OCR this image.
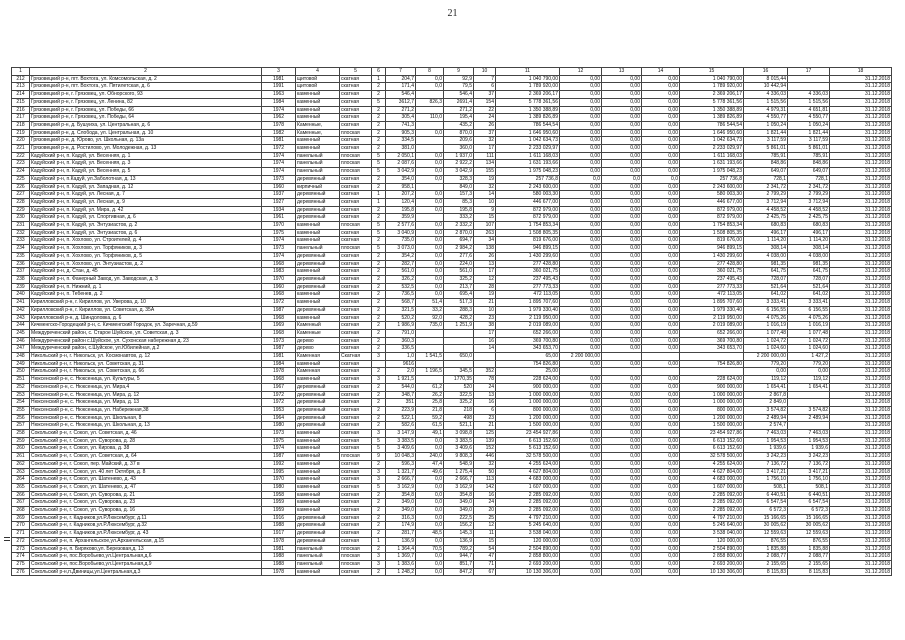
21
1	2	3	4	5	6	7	8	9	10	11	12	13	14	15	16	17	18
212	Грязовецкий р-н, пгт. Вохтога, ул. Комсомольская, д. 2	1981	щитовой	скатная	1	204,7	0,0	92,9	7	1 040 790,00	0,00	0,00	0,00	1 040 790,00	8 015,44		31.12.2018
213	Грязовецкий р-н, пгт. Вохтога, ул. Пятилетская, д. 6	1991	щитовой	скатная	2	171,4	0,0	79,5	6	1 789 920,00	0,00	0,00	0,00	1 789 920,00	10 442,94		31.12.2018
214	Грязовецкий р-н, г. Грязовец, ул. Обнорского, 93	1963	каменный	скатная	2	546,4		546,4	37	2 369 206,17	0,00	0,00	0,00	2 369 206,17	4 336,03	4 336,03	31.12.2018
215	Грязовецкий р-н, г. Грязовец, ул. Ленина, 82	1984	каменный	скатная	5	3612,7	826,3	2691,4	154	5 778 361,56	0,00	0,00	0,00	5 778 361,56	1 515,56	1 515,56	31.12.2018
216	Грязовецкий р-н, г. Грязовец, ул. Победы, 66	1974	каменный	скатная	2	271,2		271,2	22	1 350 388,89	0,00	0,00	0,00	1 350 388,89	4 979,31	4 651,81	31.12.2018
217	Грязовецкий р-н, г. Грязовец, ул. Победы, 64	1962	каменный	скатная	2	305,4	110,0	195,4	24	1 389 826,89	0,00	0,00	0,00	1 389 826,89	4 550,77	4 550,77	31.12.2018
218	Грязовецкий р-н, д. Бушуиха, ул. Центральная, д. 6	1978	Каменные,	скатная	2	741,3		435,2	26	786 544,54	0,00	0,00	0,00	786 544,54	1 050,24	1 050,24	31.12.2018
219	Грязовецкий р-н, д. Слобода, ул. Центральная, д. 10	1982	Каменные,	плоская	2	905,3	0,0	870,0	37	1 646 950,60	0,00	0,00	0,00	1 646 950,60	1 821,44	1 821,44	31.12.2018
220	Грязовецкий р-н, д. Юрово, ул. Школьная, д. 13а	1981	каменный	скатная	2	334,5		209,6	32	1 042 634,73	0,00	0,00	0,00	1 042 634,73	3 117,59	3 117,59	31.12.2018
221	Грязовецкий р-н, д. Ростилово, ул. Молодежная, д. 13	1972	каменный	скатная	2	381,0		360,0	17	2 233 029,97	0,00	0,00	0,00	2 233 029,97	5 861,01	5 861,01	31.12.2018
222	Кадуйский р-н, п. Кадуй, ул. Весенняя, д. 1	1974	панельный	плоская	5	2 050,1	0,0	1 937,0	111	1 611 168,03	0,00	0,00	0,00	1 611 168,03	785,91	785,91	31.12.2018
223	Кадуйский р-н, п. Кадуй, ул. Весенняя, д. 3	1974	панельный	плоская	5	2 087,6	0,0	2 922,2	134	1 631 193,66	0,00	0,00	0,00	1 631 193,66	848,86	848,86	31.12.2018
224	Кадуйский р-н, п. Кадуй, ул. Весенняя, д. 5	1974	панельный	плоская	5	3 042,9	0,0	3 042,9	155	1 975 048,23	0,00	0,00	0,00	1 975 048,23	649,07	649,07	31.12.2018
225	Кадуйский р-н, п.Кадуй, ул.Заболотная, д. 13	1973	деревянный	скатная	2	354,0	0,0	328,3	19	257 736,8	0,0	0,0	0,0	257 736,8	728,1	728,1	31.12.2018
226	Кадуйский р-н, п. Кадуй, ул. Западная, д. 12	1960	кирпичный	скатная	2	958,1		849,0	32	2 243 600,00	0,00	0,00	0,00	2 243 600,00	2 341,72	2 341,72	31.12.2018
227	Кадуйский р-н, п. Кадуй, ул. Лесная, д. 7	1937	деревянный	скатная	1	207,2	0,0	157,3	14	580 003,30	0,00	0,00	0,00	580 003,30	2 799,29	2 799,29	31.12.2018
228	Кадуйский р-н, п. Кадуй, ул. Лесная, д. 9	1927	деревянный	скатная	1	120,4	0,0	85,3	10	446 677,00	0,00	0,00	0,00	446 677,00	3 712,94	3 712,94	31.12.2018
229	Кадуйский р-н, п. Кадуй, ул. Мира, д. 42	1934	деревянный	скатная	2	195,8	0,0	195,8	9	872 979,00	0,00	0,00	0,00	872 979,00	4 458,52	4 458,52	31.12.2018
230	Кадуйский р-н, п. Кадуй, ул. Спортивная, д. 6	1961	деревянный	скатная	2	359,9		333,2	15	872 979,00	0,00	0,00	0,00	872 979,00	2 425,75	2 425,75	31.12.2018
231	Кадуйский р-н, п. Кадуй, ул. Энтузиастов, д. 2	1970	каменный	плоская	5	2 577,6	0,0	2 332,2	107	1 754 853,34	0,00	0,00	0,00	1 754 853,34	680,83	680,83	31.12.2018
232	Кадуйский р-н, п. Кадуй, ул. Энтузиастов, д. 6	1975	каменный	скатная	5	3 040,9	0,0	2 870,0	263	1 508 805,35	0,00	0,00	0,00	1 508 805,35	496,17	496,17	31.12.2018
233	Кадуйский р-н, п. Хохлово, ул. Строителей, д. 4	1974	каменный	скатная	2	735,0	0,0	694,7	34	819 676,00	0,00	0,00	0,00	819 676,00	1 114,20	1 114,20	31.12.2018
234	Кадуйский р-н, п. Хохлово, ул. Торфяников, д. 3	1973	панельный	плоская	5	3 073,0	0,0	2 984,2	138	946 899,15	0,00	0,00	0,00	946 899,15	308,14	308,14	31.12.2018
235	Кадуйский р-н, п. Хохлово, ул. Торфяников, д. 5	1974	деревянный	скатная	2	354,2	0,0	277,6	26	1 430 299,60	0,00	0,00	0,00	1 430 299,60	4 038,00	4 038,00	31.12.2018
236	Кадуйский р-н, п. Хохлово, ул. Энтузиастов, д. 2	1968	деревянный	скатная	2	282,7	0,0	224,0	13	277 428,80	0,00	0,00	0,00	277 428,80	981,35	981,35	31.12.2018
237	Кадуйский р-н, д. Стан, д. 45	1983	каменный	скатная	2	561,0	0,0	561,0	17	360 021,75	0,00	0,00	0,00	360 021,75	641,75	641,75	31.12.2018
238	Кадуйский р-н, п. Фанерный Завод, ул. Заводская, д. 3	1970	деревянный	скатная	2	326,2	0,0	325,2	12	237 495,43	0,00	0,00	0,00	237 495,43	728,07	728,07	31.12.2018
239	Кадуйский р-н, п. Нижний, д. 1	1960	деревянный	скатная	2	532,5	0,0	213,7	28	277 773,33	0,00	0,00	0,00	277 773,33	521,64	521,64	31.12.2018
240	Кадуйский р-н, п. Тебенев, д. 2	1968	каменный	скатная	2	736,5	0,0	695,4	19	472 113,05	0,00	0,00	0,00	472 113,05	641,02	641,02	31.12.2018
241	Кирилловский р-н, г. Кириллов, ул. Уверова, д. 10	1972	каменный	скатная	2	568,7	51,4	517,3	21	1 895 707,60	0,00	0,00	0,00	1 895 707,60	3 333,41	3 333,41	31.12.2018
242	Кирилловский р-н, г. Кириллов, ул. Советская, д. 35А	1987	деревянный	скатная	2	321,5	33,2	288,3	10	1 979 330,40	0,00	0,00	0,00	1 979 330,40	6 156,55	6 156,55	31.12.2018
243	Кирилловский р-н, д. Шиндоловка, д. 6	1968	каменный	скатная	2	520,2	92,0	428,2	23	2 119 950,00	0,00	0,00	0,00	2 119 950,00	4 075,26	4 075,26	31.12.2018
244	Кичменгско-Городецкий р-н, с. Кичменгский Городок, ул. Заречная, д.59	1969	Каменный	скатная	2	1 986,9	735,0	1 251,9	38	2 019 089,00	0,00	0,00	0,00	2 019 089,00	1 016,19	1 016,19	31.12.2018
245	Междуреченский район, с. Старое Шуйское, ул. Советская, д. 3	1968	Каменные	скатная	2	791,0			17	652 266,00	0,00	0,00	0,00	652 266,00	1 077,48	1 077,48	31.12.2018
246	Междуреченский район с.Шуйское, ул. Сухонская набережная д. 23	1973	дерево	скатная	2	360,3			16	369 700,80	0,00	0,00	0,00	369 700,80	1 024,72	1 024,72	31.12.2018
247	Междуреченский район, с.Шуйское, ул.Юбилейная, д.2	1987	дерево	скатная	2	336,5			14	343 653,70	0,00	0,00	0,00	343 653,70	1 024,60	1 024,60	31.12.2018
248	Никольский р-н, г. Никольск, ул. Космонавтов, д. 12	1981	Каменная	Скатная	3	1,0	1 541,5	650,0		65,00	2 200 000,00				2 200 000,00	1 427,2	31.12.2018
249	Никольский р-н, г. Никольск, ул. Советская, д. 31	1984	каменный	скатная		9616				754 826,80	0,00	0,00	0,00	754 826,80	779,20	779,20	31.12.2018
250	Никольский р-н, г. Никольск, ул. Советская, д. 66	1978	Каменная	скатная	2	2,0	1 196,5	345,5	352	25,00					0,00	0,00	31.12.2018
251	Нюксенский р-н, с. Нюксеница, ул. Культуры, 5	1968	каменный	скатная	3	1 921,5		1770,35	78	228 624,00	0,00	0,00	0,00	228 624,00	119,12	119,12	31.12.2018
252	Нюксенский р-н, с. Нюксеница, ул. Мира,4	1967	деревянный	скатная	2	544,0	61,2	520	24	900 000,00	0,00	0,00	0,00	900 000,00	1 654,41	1 654,41	31.12.2018
253	Нюксенский р-н, с. Нюксеница, ул. Мира, д. 12	1972	деревянный	скатная	2	348,7	26,2	322,5	13	1 000 000,00	0,00	0,00	0,00	1 000 000,00	2 867,8		31.12.2018
254	Нюксенский р-н, с. Нюксеница, ул. Мира, д. 13	1972	деревянный	скатная	2	351	25,8	325,2	16	1 000 000,00	0,00	0,00	0,00	1 000 000,00	2 849,0		31.12.2018
255	Нюксенский р-н, с. Нюксеница, ул. Набережная,38	1953	деревянный	скатная	2	223,9	21,8	218	6	800 000,00	0,00	0,00	0,00	800 000,00	3 574,82	3 574,82	31.12.2018
256	Нюксенский р-н, с. Нюксеница, ул. Школьная, 8	1964	деревянный	скатная	2	522,1	59,2	498	23	1 200 000,00	0,00	0,00	0,00	1 200 000,00	2 489,94	2 489,94	31.12.2018
257	Нюксенский р-н, с. Нюксеница, ул. Школьная, д. 13	1980	деревянный	скатная	2	582,6	61,5	521,1	21	1 500 000,00	0,00	0,00	0,00	1 500 000,00	2 574,7		31.12.2018
258	Сокольский р-н, г. Сокол, ул. Советская, д. 46	1973	каменный	скатная	3	3 147,9	49,1	3 098,8	125	23 454 927,86	0,00	0,00	0,00	23 454 927,86	7 463,03	7 463,03	31.12.2018
259	Сокольский р-н, г. Сокол, ул. Суворова, д. 28	1975	каменный	скатная	5	3 383,5	0,0	3 383,5	139	6 613 152,60	0,00	0,00	0,00	6 613 152,60	1 954,53	1 954,53	31.12.2018
260	Сокольский р-н, г. Сокол, ул. Кирова, д. 38	1974	каменный	скатная	5	3 409,6	0,0	3 409,6	152	5 613 152,60	0,00	0,00	0,00	6 613 152,60	1 939,6	1 939,6	31.12.2018
261	Сокольский р-н, г. Сокол, ул. Советская, д. 64	1987	каменный	плоская	9	10 048,3	240,0	9 808,3	446	32 578 500,00	0,00	0,00	0,00	32 578 500,00	3 242,23	3 242,23	31.12.2018
262	Сокольский р-н, г. Сокол, пер. Майский, д. 37 в	1992	каменный	скатная	2	596,3	47,4	548,9	32	4 255 624,00	0,00	0,00	0,00	4 255 624,00	7 136,72	7 136,72	31.12.2018
263	Сокольский р-н, г. Сокол, ул. 40 лет Октября, д. 8	1995	каменный	скатная	3	1 321,7	49,6	1 275,4	50	4 627 804,00	0,00	0,00	0,00	4 627 804,00	3 417,21	3 417,21	31.12.2018
264	Сокольский р-н, г. Сокол, ул. Шатенево, д. 43	1970	каменный	скатная	3	2 666,7	0,0	2 666,7	113	4 683 000,00	0,00	0,00	0,00	4 683 000,00	1 756,10	1 756,10	31.12.2018
265	Сокольский р-н, г. Сокол, ул. Шатенево, д. 47	1980	каменный	скатная	5	3 162,9	0,0	3 162,9	142	1 607 000,00	0,00	0,00	0,00	1 607 000,00	508,1	508,1	31.12.2018
266	Сокольский р-н, г. Сокол, ул. Суворова, д. 21	1958	каменный	скатная	2	354,8	0,0	354,8	16	2 285 092,00	0,00	0,00	0,00	2 285 092,00	6 440,51	6 440,51	31.12.2018
267	Сокольский р-н, г. Сокол, ул. Суворова, д. 23	1959	каменный	скатная	2	349,0	0,0	349,0	24	2 285 092,00	0,00	0,00	0,00	2 285 092,00	6 547,54	6 547,54	31.12.2018
268	Сокольский р-н, г. Сокол, ул. Суворова, д. 16	1959	каменный	скатная	2	349,0	0,0	349,0	20	2 285 092,00	0,00	0,00	0,00	2 285 092,00	6 572,3	6 572,3	31.12.2018
269	Сокольский р-н, г. Кадников,ул.Р.Люксембург, д.11	1916	деревянный	скатная	2	316,3	0,0	222,5	25	4 797 210,00	0,00	0,00	0,00	4 797 210,00	15 166,65	15 166,65	31.12.2018
270	Сокольский р-н, г. Кадников,ул.Р.Люксембург, д.32	1988	деревянный	скатная	2	174,9	0,0	156,2	12	5 245 640,00	0,00	0,00	0,00	5 245 640,00	30 005,62	30 005,62	31.12.2018
271	Сокольский р-н, г. Кадников,ул.Р.Люксембург, д. 43	1917	деревянный	скатная	2	281,7	48,5	145,3	11	3 538 040,00	0,00	0,00	0,00	3 538 040,00	12 559,63	12 559,63	31.12.2018
272	Сокольский р-н, п. Архангельское,ул.Архангельская, д.15	1978	деревянный	скатная	1	136,9	0,0	136,9	15	120 000,00	0,00	0,00	0,00	120 000,00	876,55	876,55	31.12.2018
273	Сокольский р-н, п. Биряково,ул. Березовая,д. 13	1981	панельный	плоская	2	1 364,4	70,5	789,2	54	2 504 890,00	0,00	0,00	0,00	2 504 890,00	1 835,88	1 835,88	31.12.2018
274	Сокольский р-н, пос.Воробьево,ул.Центральная,д.6	1988	панельный	плоская	3	1 369,7	0,0	944,7	47	2 858 800,00	0,00	0,00	0,00	2 858 800,00	2 088,77	2 088,77	31.12.2018
275	Сокольский р-н, пос.Воробьево,ул.Центральная,д.9	1988	панельный	плоская	3	1 383,6	0,0	851,7	71	2 693 200,00	0,00	0,00	0,00	2 693 200,00	2 155,65	2 155,65	31.12.2018
276	Сокольский р-н,п.Двиницы,ул.Центральная,д.3	1978	каменный	скатная	2	1 248,2	0,0	847,2	67	10 130 306,00	0,00	0,00	0,00	10 130 306,00	8 115,83	8 115,83	31.12.2018
